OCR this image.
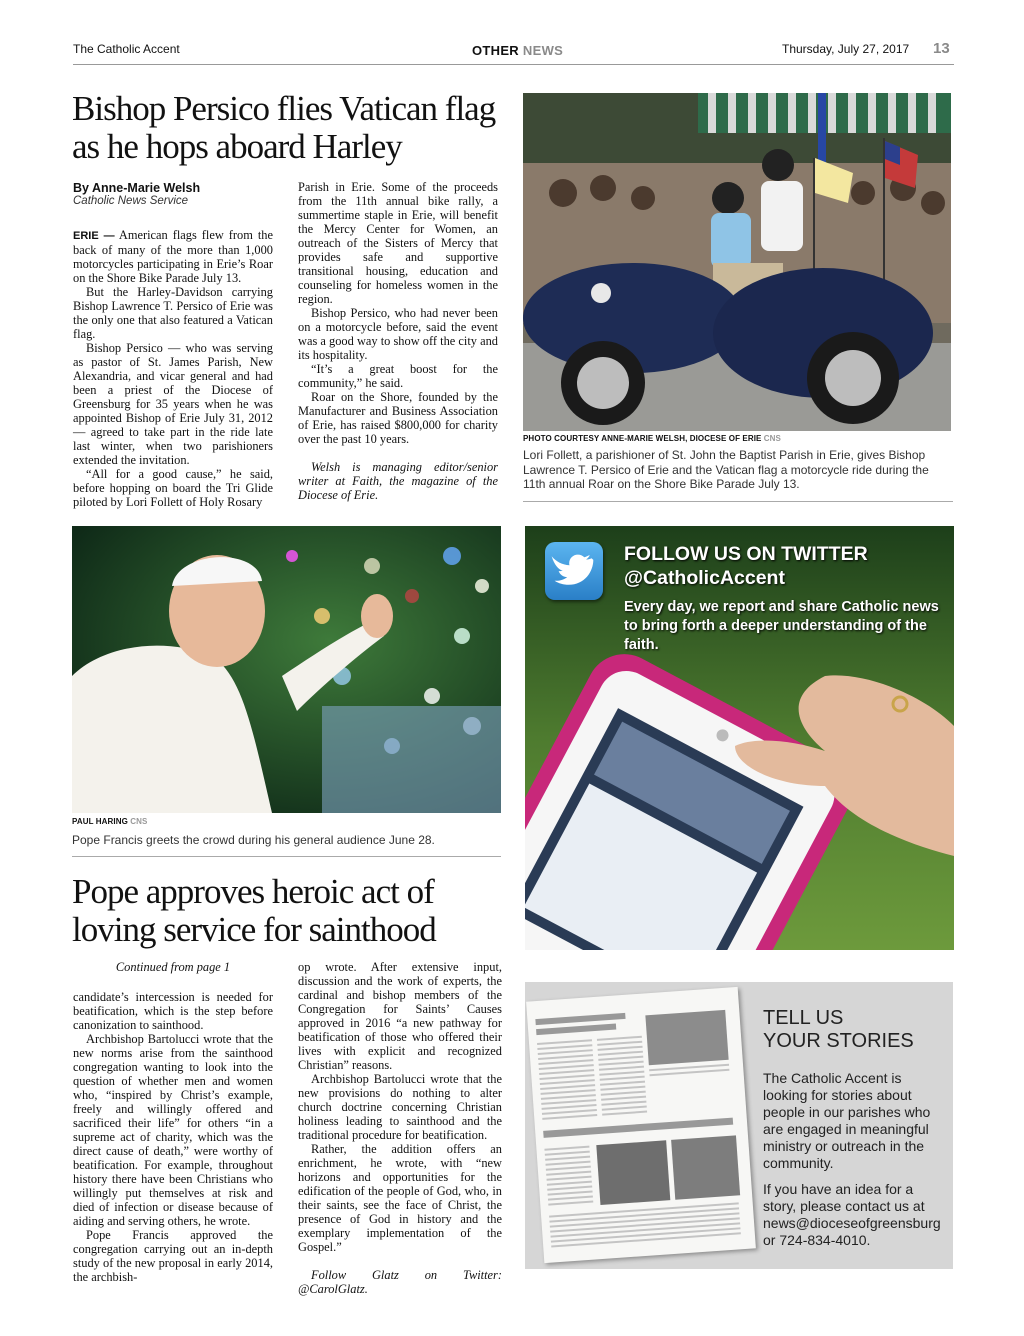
The Catholic Accent	OTHER NEWS	Thursday, July 27, 2017 13
Bishop Persico flies Vatican flag as he hops aboard Harley
By Anne-Marie Welsh
Catholic News Service

ERIE — American flags flew from the back of many of the more than 1,000 motorcycles participating in Erie’s Roar on the Shore Bike Parade July 13.

But the Harley-Davidson carrying Bishop Lawrence T. Persico of Erie was the only one that also featured a Vatican flag.

Bishop Persico — who was serving as pastor of St. James Parish, New Alexandria, and vicar general and had been a priest of the Diocese of Greensburg for 35 years when he was appointed Bishop of Erie July 31, 2012 — agreed to take part in the ride late last winter, when two parishioners extended the invitation.

“All for a good cause,” he said, before hopping on board the Tri Glide piloted by Lori Follett of Holy Rosary

Parish in Erie. Some of the proceeds from the 11th annual bike rally, a summertime staple in Erie, will benefit the Mercy Center for Women, an outreach of the Sisters of Mercy that provides safe and supportive transitional housing, education and counseling for homeless women in the region.

Bishop Persico, who had never been on a motorcycle before, said the event was a good way to show off the city and its hospitality.

“It’s a great boost for the community,” he said.

Roar on the Shore, founded by the Manufacturer and Business Association of Erie, has raised $800,000 for charity over the past 10 years.

Welsh is managing editor/senior writer at Faith, the magazine of the Diocese of Erie.

PHOTO COURTESY ANNE-MARIE WELSH, DIOCESE OF ERIE CNS
Lori Follett, a parishioner of St. John the Baptist Parish in Erie, gives Bishop Lawrence T. Persico of Erie and the Vatican flag a motorcycle ride during the 11th annual Roar on the Shore Bike Parade July 13.
PAUL HARING CNS
Pope Francis greets the crowd during his general audience June 28.
Pope approves heroic act of loving service for sainthood

Continued from page 1

candidate’s intercession is needed for beatification, which is the step before canonization to sainthood.

Archbishop Bartolucci wrote that the new norms arise from the sainthood congregation wanting to look into the question of whether men and women who, “inspired by Christ’s example, freely and willingly offered and sacrificed their life” for others “in a supreme act of charity, which was the direct cause of death,” were worthy of beatification. For example, throughout history there have been Christians who willingly put themselves at risk and died of infection or disease because of aiding and serving others, he wrote.

Pope Francis approved the congregation carrying out an in-depth study of the new proposal in early 2014, the archbish-

op wrote. After extensive input, discussion and the work of experts, the cardinal and bishop members of the Congregation for Saints’ Causes approved in 2016 “a new pathway for beatification of those who offered their lives with explicit and recognized Christian” reasons.

Archbishop Bartolucci wrote that the new provisions do nothing to alter church doctrine concerning Christian holiness leading to sainthood and the traditional procedure for beatification.

Rather, the addition offers an enrichment, he wrote, with “new horizons and opportunities for the edification of the people of God, who, in their saints, see the face of Christ, the presence of God in history and the exemplary implementation of the Gospel.”

Follow Glatz on Twitter: @CarolGlatz.

FOLLOW US ON TWITTER
@CatholicAccent
Every day, we report and share Catholic news to bring forth a deeper understanding of the faith.
TELL US
YOUR STORIES
The Catholic Accent is looking for stories about people in our parishes who are engaged in meaningful ministry or outreach in the community.
If you have an idea for a story, please contact us at news@dioceseofgreensburg or 724-834-4010.
